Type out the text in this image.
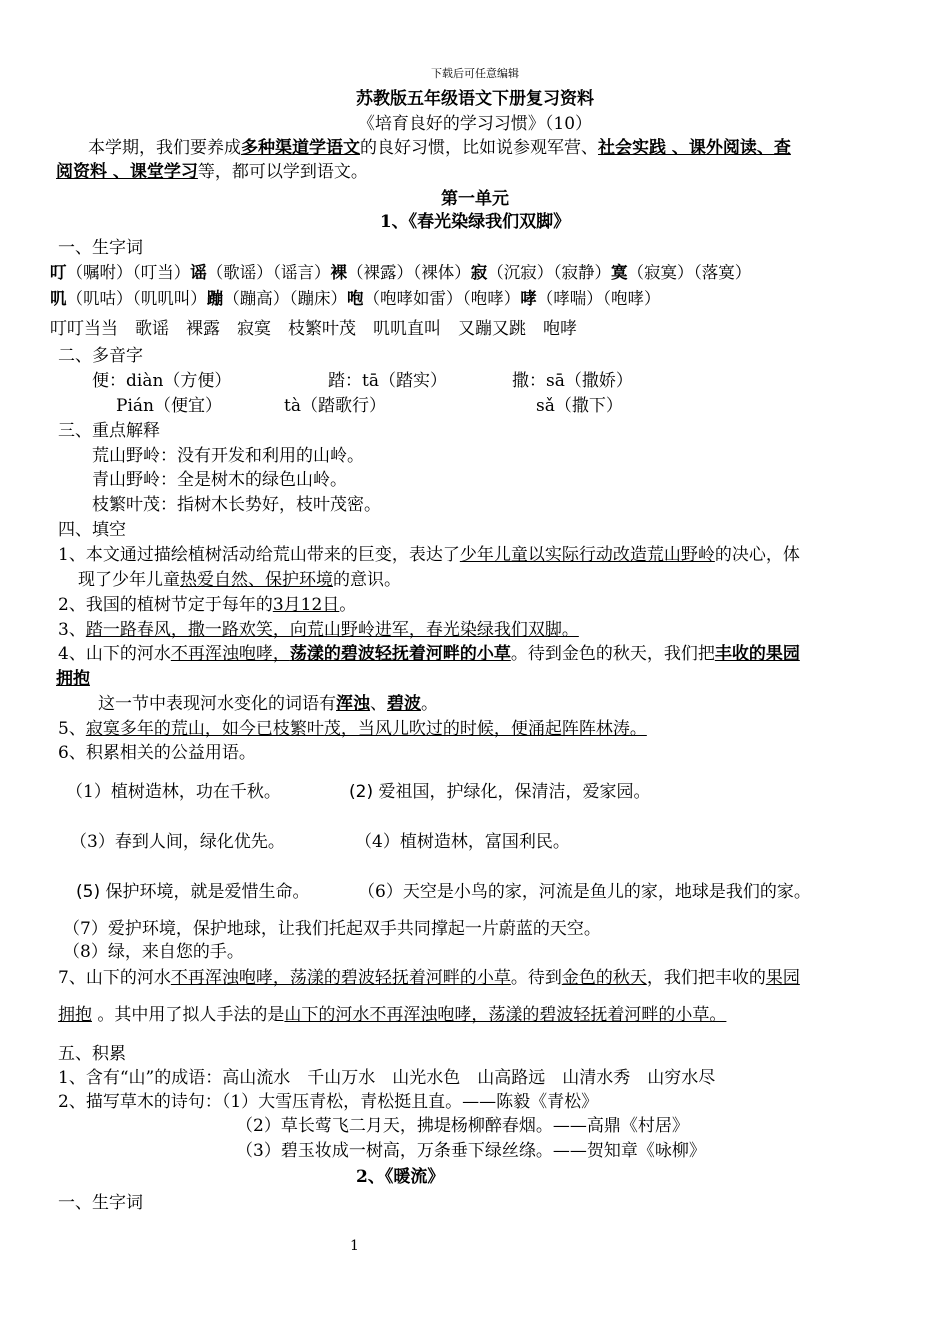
下载后可任意编辑
苏教版五年级语文下册复习资料
《培育良好的学习习惯》（10）
本学期，我们要养成多种渠道学语文的良好习惯，比如说参观军营、社会实践 、课外阅读、查
阅资料 、课堂学习等，都可以学到语文。
第一单元
1、《春光染绿我们双脚》
一、生字词
叮（嘱咐）（叮当）谣（歌谣）（谣言）裸（裸露）（裸体）寂（沉寂）（寂静）寞（寂寞）（落寞）
叽（叽咕）（叽叽叫）蹦（蹦高）（蹦床）咆（咆哮如雷）（咆哮）哮（哮喘）（咆哮）
叮叮当当　歌谣　裸露　寂寞　枝繁叶茂　叽叽直叫　又蹦又跳　咆哮
二、多音字
便：diàn（方便）	踏：tā（踏实）	撒：sā（撒娇）
Pián（便宜）	tà（踏歌行）	sǎ（撒下）
三、重点解释
荒山野岭：没有开发和利用的山岭。
青山野岭：全是树木的绿色山岭。
枝繁叶茂：指树木长势好，枝叶茂密。
四、填空
1、本文通过描绘植树活动给荒山带来的巨变，表达了少年儿童以实际行动改造荒山野岭的决心，体
现了少年儿童热爱自然、保护环境的意识。
2、我国的植树节定于每年的3月12日。
3、踏一路春风，撒一路欢笑，向荒山野岭进军，春光染绿我们双脚。
4、山下的河水不再浑浊咆哮，荡漾的碧波轻抚着河畔的小草。待到金色的秋天，我们把丰收的果园
拥抱
这一节中表现河水变化的词语有浑浊、碧波。
5、寂寞多年的荒山，如今已枝繁叶茂，当风儿吹过的时候，便涌起阵阵林涛。
6、积累相关的公益用语。
（1）植树造林，功在千秋。	(2) 爱祖国，护绿化，保清洁，爱家园。
（3）春到人间，绿化优先。	（4）植树造林，富国利民。
(5) 保护环境，就是爱惜生命。	（6）天空是小鸟的家，河流是鱼儿的家，地球是我们的家。
（7）爱护环境，保护地球，让我们托起双手共同撑起一片蔚蓝的天空。
（8）绿，来自您的手。
7、山下的河水不再浑浊咆哮，荡漾的碧波轻抚着河畔的小草。待到金色的秋天，我们把丰收的果园
拥抱 。其中用了拟人手法的是山下的河水不再浑浊咆哮，荡漾的碧波轻抚着河畔的小草。
五、积累
1、含有“山”的成语：高山流水　千山万水　山光水色　山高路远　山清水秀　山穷水尽
2、描写草木的诗句：（1）大雪压青松，青松挺且直。——陈毅《青松》
（2）草长莺飞二月天，拂堤杨柳醉春烟。——高鼎《村居》
（3）碧玉妆成一树高，万条垂下绿丝绦。——贺知章《咏柳》
2、《暖流》
一、生字词
1
